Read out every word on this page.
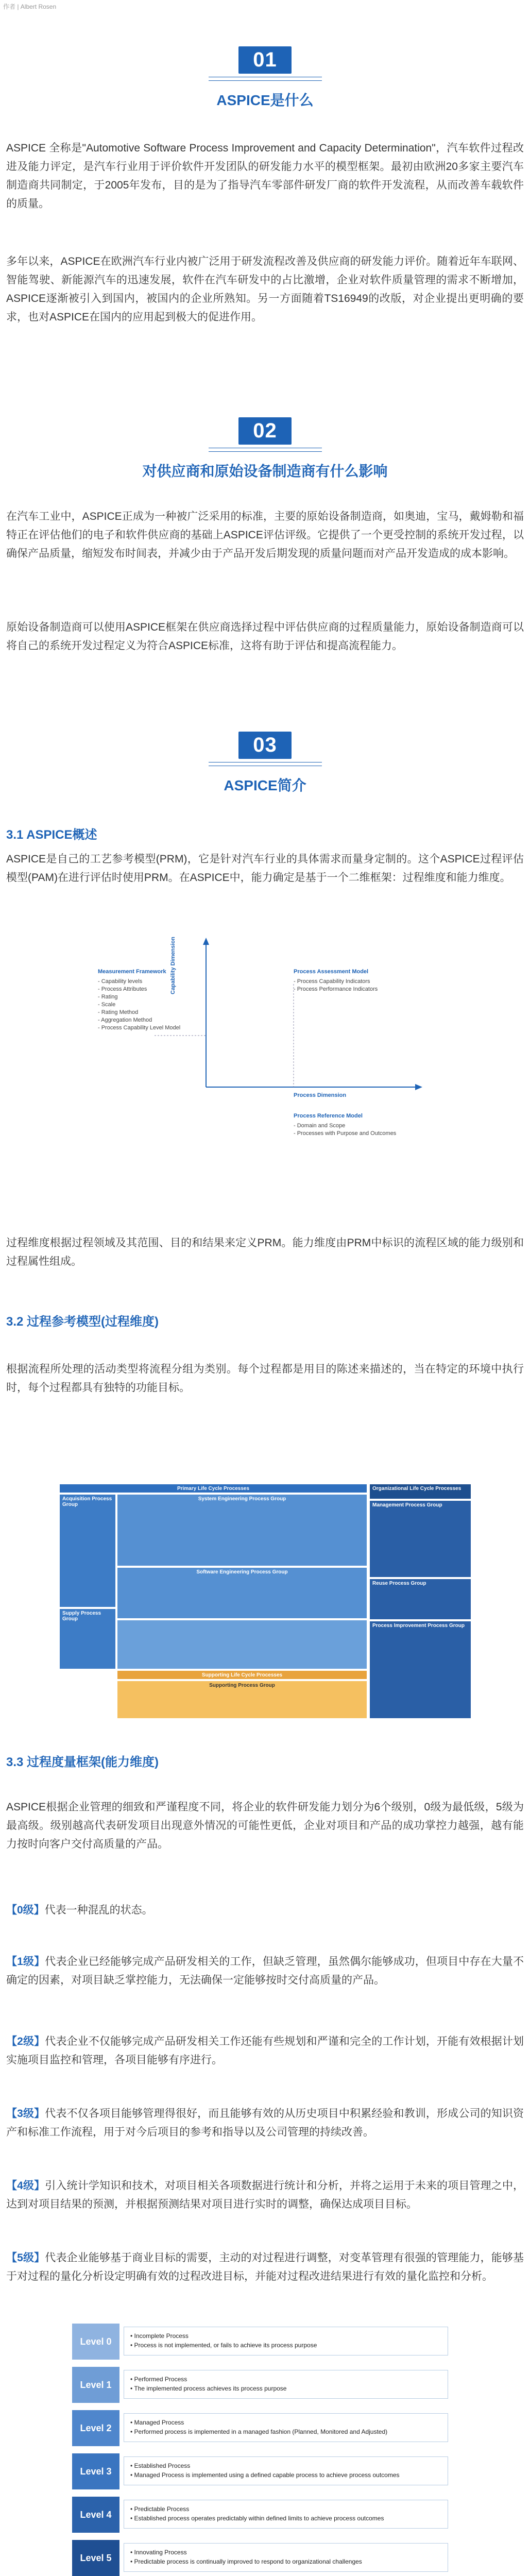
作者 | Albert Rosen
01
ASPICE是什么

ASPICE 全称是"Automotive Software Process Improvement and Capacity Determination"，汽车软件过程改进及能力评定，是汽车行业用于评价软件开发团队的研发能力水平的模型框架。最初由欧洲20多家主要汽车制造商共同制定，于2005年发布，目的是为了指导汽车零部件研发厂商的软件开发流程，从而改善车载软件的质量。

多年以来，ASPICE在欧洲汽车行业内被广泛用于研发流程改善及供应商的研发能力评价。随着近年车联网、智能驾驶、新能源汽车的迅速发展，软件在汽车研发中的占比激增，企业对软件质量管理的需求不断增加，ASPICE逐渐被引入到国内，被国内的企业所熟知。另一方面随着TS16949的改版，对企业提出更明确的要求，也对ASPICE在国内的应用起到极大的促进作用。

02
对供应商和原始设备制造商有什么影响

在汽车工业中，ASPICE正成为一种被广泛采用的标准，主要的原始设备制造商，如奥迪，宝马，戴姆勒和福特正在评估他们的电子和软件供应商的基础上ASPICE评估评级。它提供了一个更受控制的系统开发过程，以确保产品质量，缩短发布时间表，并减少由于产品开发后期发现的质量问题而对产品开发造成的成本影响。

原始设备制造商可以使用ASPICE框架在供应商选择过程中评估供应商的过程质量能力，原始设备制造商可以将自己的系统开发过程定义为符合ASPICE标准，这将有助于评估和提高流程能力。

03
ASPICE简介
3.1 ASPICE概述

ASPICE是自己的工艺参考模型(PRM)，它是针对汽车行业的具体需求而量身定制的。这个ASPICE过程评估模型(PAM)在进行评估时使用PRM。在ASPICE中，能力确定是基于一个二维框架：过程维度和能力维度。

Measurement Framework
- Capability levels
- Process Attributes
- Rating
- Scale
- Rating Method
- Aggregation Method
- Process Capability Level Model
Process Assessment Model
- Process Capability Indicators
- Process Performance Indicators
Capability Dimension
Process Dimension
Process Reference Model
- Domain and Scope
- Processes with Purpose and Outcomes

过程维度根据过程领域及其范围、目的和结果来定义PRM。能力维度由PRM中标识的流程区域的能力级别和过程属性组成。

3.2 过程参考模型(过程维度)

根据流程所处理的活动类型将流程分组为类别。每个过程都是用目的陈述来描述的，当在特定的环境中执行时，每个过程都具有独特的功能目标。

Primary Life Cycle Processes	Organizational Life Cycle Processes
Acquisition Process Group
Supply Process Group
System Engineering Process Group
Software Engineering Process Group
Management Process Group
Reuse Process Group
Process Improvement Process Group
Supporting Life Cycle Processes
Supporting Process Group
3.3 过程度量框架(能力维度)

ASPICE根据企业管理的细致和严谨程度不同，将企业的软件研发能力划分为6个级别，0级为最低级，5级为最高级。级别越高代表研发项目出现意外情况的可能性更低，企业对项目和产品的成功掌控力越强，越有能力按时向客户交付高质量的产品。

【0级】代表一种混乱的状态。

【1级】代表企业已经能够完成产品研发相关的工作，但缺乏管理，虽然偶尔能够成功，但项目中存在大量不确定的因素，对项目缺乏掌控能力，无法确保一定能够按时交付高质量的产品。

【2级】代表企业不仅能够完成产品研发相关工作还能有些规划和严谨和完全的工作计划，开能有效根据计划实施项目监控和管理，各项目能够有序进行。

【3级】代表不仅各项目能够管理得很好，而且能够有效的从历史项目中积累经验和教训，形成公司的知识资产和标准工作流程，用于对今后项目的参考和指导以及公司管理的持续改善。

【4级】引入统计学知识和技术，对项目相关各项数据进行统计和分析，并将之运用于未来的项目管理之中，达到对项目结果的预测，并根据预测结果对项目进行实时的调整，确保达成项目目标。

【5级】代表企业能够基于商业目标的需要，主动的对过程进行调整，对变革管理有很强的管理能力，能够基于对过程的量化分析设定明确有效的过程改进目标，并能对过程改进结果进行有效的量化监控和分析。

Level 0
• Incomplete Process
• Process is not implemented, or fails to achieve its process purpose
Level 1
• Performed Process
• The implemented process achieves its process purpose
Level 2
• Managed Process
• Performed process is implemented in a managed fashion (Planned, Monitored and Adjusted)
Level 3
• Established Process
• Managed Process is implemented using a defined capable process to achieve process outcomes
Level 4
• Predictable Process
• Established process operates predictably within defined limits to achieve process outcomes
Level 5
• Innovating Process
• Predictable process is continually improved to respond to organizational challenges
